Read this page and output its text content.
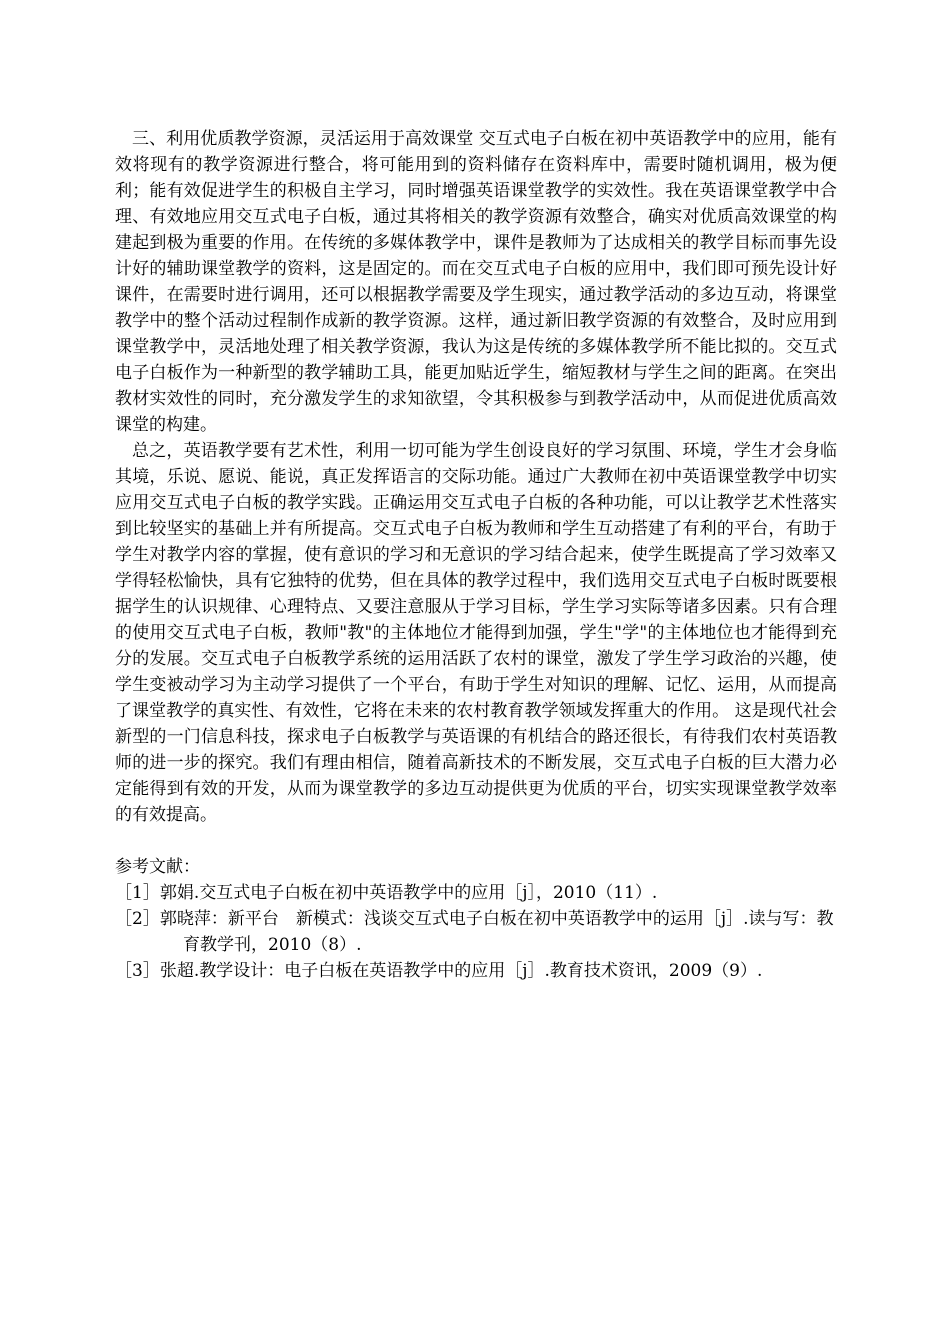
三、利用优质教学资源，灵活运用于高效课堂 交互式电子白板在初中英语教学中的应用，能有效将现有的教学资源进行整合，将可能用到的资料储存在资料库中，需要时随机调用，极为便利；能有效促进学生的积极自主学习，同时增强英语课堂教学的实效性。我在英语课堂教学中合理、有效地应用交互式电子白板，通过其将相关的教学资源有效整合，确实对优质高效课堂的构建起到极为重要的作用。在传统的多媒体教学中，课件是教师为了达成相关的教学目标而事先设计好的辅助课堂教学的资料，这是固定的。而在交互式电子白板的应用中，我们即可预先设计好课件，在需要时进行调用，还可以根据教学需要及学生现实，通过教学活动的多边互动，将课堂教学中的整个活动过程制作成新的教学资源。这样，通过新旧教学资源的有效整合，及时应用到课堂教学中，灵活地处理了相关教学资源，我认为这是传统的多媒体教学所不能比拟的。交互式电子白板作为一种新型的教学辅助工具，能更加贴近学生，缩短教材与学生之间的距离。在突出教材实效性的同时，充分激发学生的求知欲望，令其积极参与到教学活动中，从而促进优质高效课堂的构建。

总之，英语教学要有艺术性，利用一切可能为学生创设良好的学习氛围、环境，学生才会身临其境，乐说、愿说、能说，真正发挥语言的交际功能。通过广大教师在初中英语课堂教学中切实应用交互式电子白板的教学实践。正确运用交互式电子白板的各种功能，可以让教学艺术性落实到比较坚实的基础上并有所提高。交互式电子白板为教师和学生互动搭建了有利的平台，有助于学生对教学内容的掌握，使有意识的学习和无意识的学习结合起来，使学生既提高了学习效率又学得轻松愉快，具有它独特的优势，但在具体的教学过程中，我们选用交互式电子白板时既要根据学生的认识规律、心理特点、又要注意服从于学习目标，学生学习实际等诸多因素。只有合理的使用交互式电子白板，教师"教"的主体地位才能得到加强，学生"学"的主体地位也才能得到充分的发展。交互式电子白板教学系统的运用活跃了农村的课堂，激发了学生学习政治的兴趣，使学生变被动学习为主动学习提供了一个平台，有助于学生对知识的理解、记忆、运用，从而提高了课堂教学的真实性、有效性，它将在未来的农村教育教学领域发挥重大的作用。 这是现代社会新型的一门信息科技，探求电子白板教学与英语课的有机结合的路还很长，有待我们农村英语教师的进一步的探究。我们有理由相信，随着高新技术的不断发展，交互式电子白板的巨大潜力必定能得到有效的开发，从而为课堂教学的多边互动提供更为优质的平台，切实实现课堂教学效率的有效提高。

参考文献：

［1］郭娟.交互式电子白板在初中英语教学中的应用［j］，2010（11）.
［2］郭晓萍：新平台　新模式：浅谈交互式电子白板在初中英语教学中的运用［j］.读与写：教育教学刊，2010（8）.
［3］张超.教学设计：电子白板在英语教学中的应用［j］.教育技术资讯，2009（9）.
